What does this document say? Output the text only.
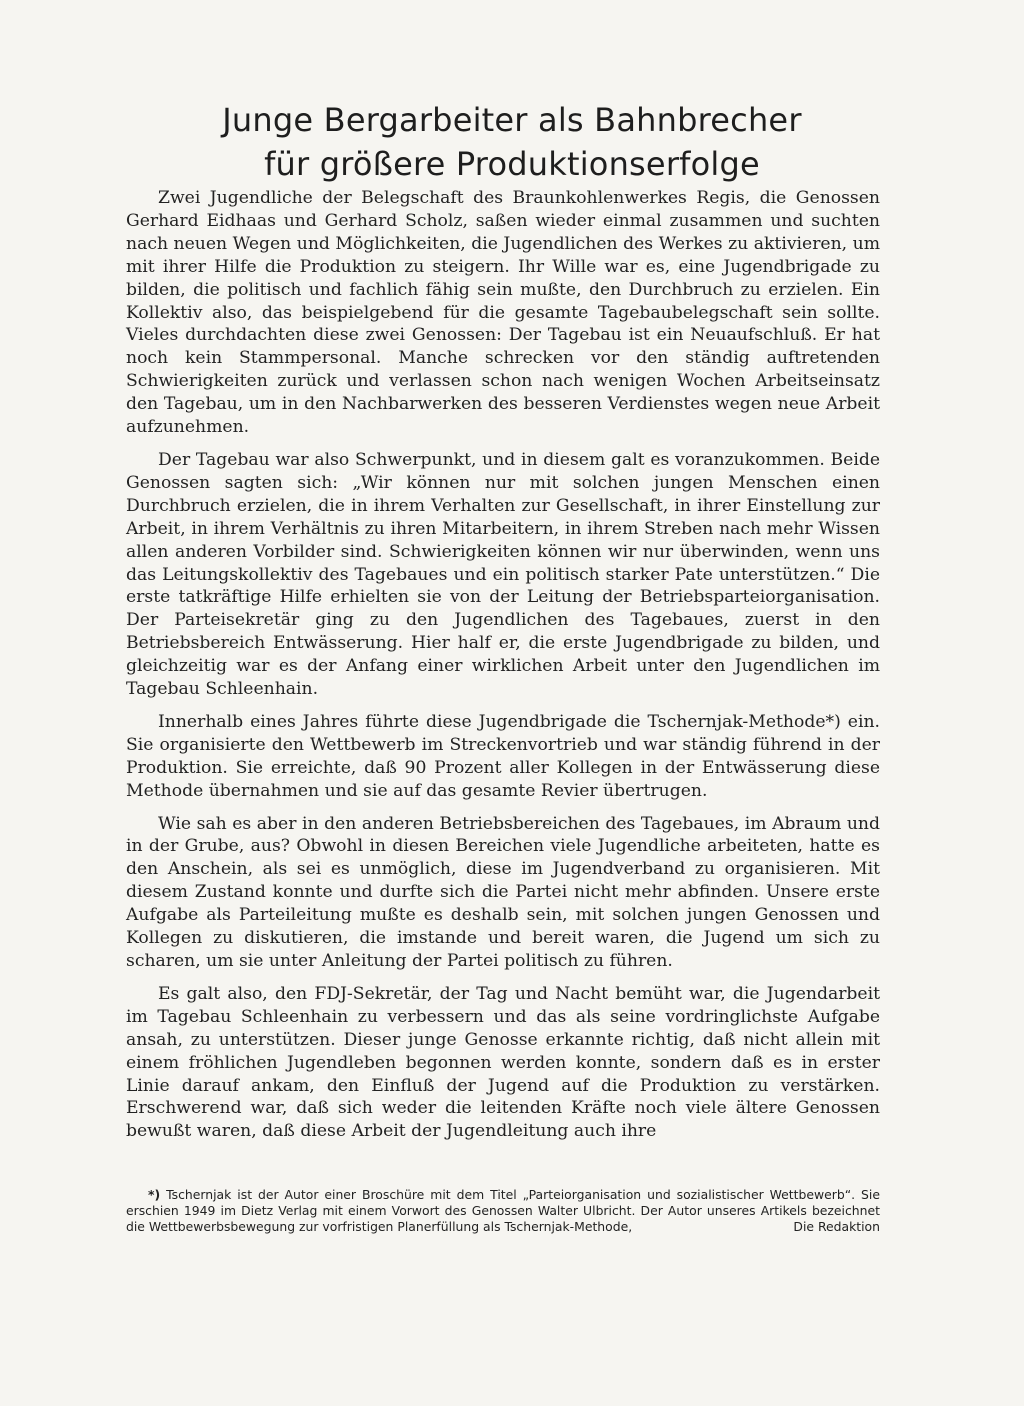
Junge Bergarbeiter als Bahnbrecher
für größere Produktionserfolge

Zwei Jugendliche der Belegschaft des Braunkohlenwerkes Regis, die Genossen Gerhard Eidhaas und Gerhard Scholz, saßen wieder einmal zusammen und suchten nach neuen Wegen und Möglichkeiten, die Jugendlichen des Werkes zu aktivieren, um mit ihrer Hilfe die Produktion zu steigern. Ihr Wille war es, eine Jugendbrigade zu bilden, die politisch und fachlich fähig sein mußte, den Durchbruch zu erzielen. Ein Kollektiv also, das beispielgebend für die gesamte Tagebaubelegschaft sein sollte. Vieles durchdachten diese zwei Genossen: Der Tagebau ist ein Neuaufschluß. Er hat noch kein Stammpersonal. Manche schrecken vor den ständig auftretenden Schwierigkeiten zurück und verlassen schon nach wenigen Wochen Arbeitseinsatz den Tagebau, um in den Nachbarwerken des besseren Verdienstes wegen neue Arbeit aufzunehmen.

Der Tagebau war also Schwerpunkt, und in diesem galt es voranzukommen. Beide Genossen sagten sich: „Wir können nur mit solchen jungen Menschen einen Durchbruch erzielen, die in ihrem Verhalten zur Gesellschaft, in ihrer Einstellung zur Arbeit, in ihrem Verhältnis zu ihren Mitarbeitern, in ihrem Streben nach mehr Wissen allen anderen Vorbilder sind. Schwierigkeiten können wir nur überwinden, wenn uns das Leitungskollektiv des Tagebaues und ein politisch starker Pate unterstützen.“ Die erste tatkräftige Hilfe erhielten sie von der Leitung der Betriebsparteiorganisation. Der Parteisekretär ging zu den Jugendlichen des Tagebaues, zuerst in den Betriebsbereich Entwässerung. Hier half er, die erste Jugendbrigade zu bilden, und gleichzeitig war es der Anfang einer wirklichen Arbeit unter den Jugendlichen im Tagebau Schleenhain.

Innerhalb eines Jahres führte diese Jugendbrigade die Tschernjak-Methode*) ein. Sie organisierte den Wettbewerb im Streckenvortrieb und war ständig führend in der Produktion. Sie erreichte, daß 90 Prozent aller Kollegen in der Entwässerung diese Methode übernahmen und sie auf das gesamte Revier übertrugen.

Wie sah es aber in den anderen Betriebsbereichen des Tagebaues, im Abraum und in der Grube, aus? Obwohl in diesen Bereichen viele Jugendliche arbeiteten, hatte es den Anschein, als sei es unmöglich, diese im Jugendverband zu organisieren. Mit diesem Zustand konnte und durfte sich die Partei nicht mehr abfinden. Unsere erste Aufgabe als Parteileitung mußte es deshalb sein, mit solchen jungen Genossen und Kollegen zu diskutieren, die imstande und bereit waren, die Jugend um sich zu scharen, um sie unter Anleitung der Partei politisch zu führen.

Es galt also, den FDJ-Sekretär, der Tag und Nacht bemüht war, die Jugendarbeit im Tagebau Schleenhain zu verbessern und das als seine vordringlichste Aufgabe ansah, zu unterstützen. Dieser junge Genosse erkannte richtig, daß nicht allein mit einem fröhlichen Jugendleben begonnen werden konnte, sondern daß es in erster Linie darauf ankam, den Einfluß der Jugend auf die Produktion zu verstärken. Erschwerend war, daß sich weder die leitenden Kräfte noch viele ältere Genossen bewußt waren, daß diese Arbeit der Jugendleitung auch ihre

*) Tschernjak ist der Autor einer Broschüre mit dem Titel „Parteiorganisation und sozialistischer Wettbewerb“. Sie erschien 1949 im Dietz Verlag mit einem Vorwort des Genossen Walter Ulbricht. Der Autor unseres Artikels bezeichnet die Wettbewerbsbewegung zur vorfristigen Planerfüllung als Tschernjak-Methode,	Die Redaktion
